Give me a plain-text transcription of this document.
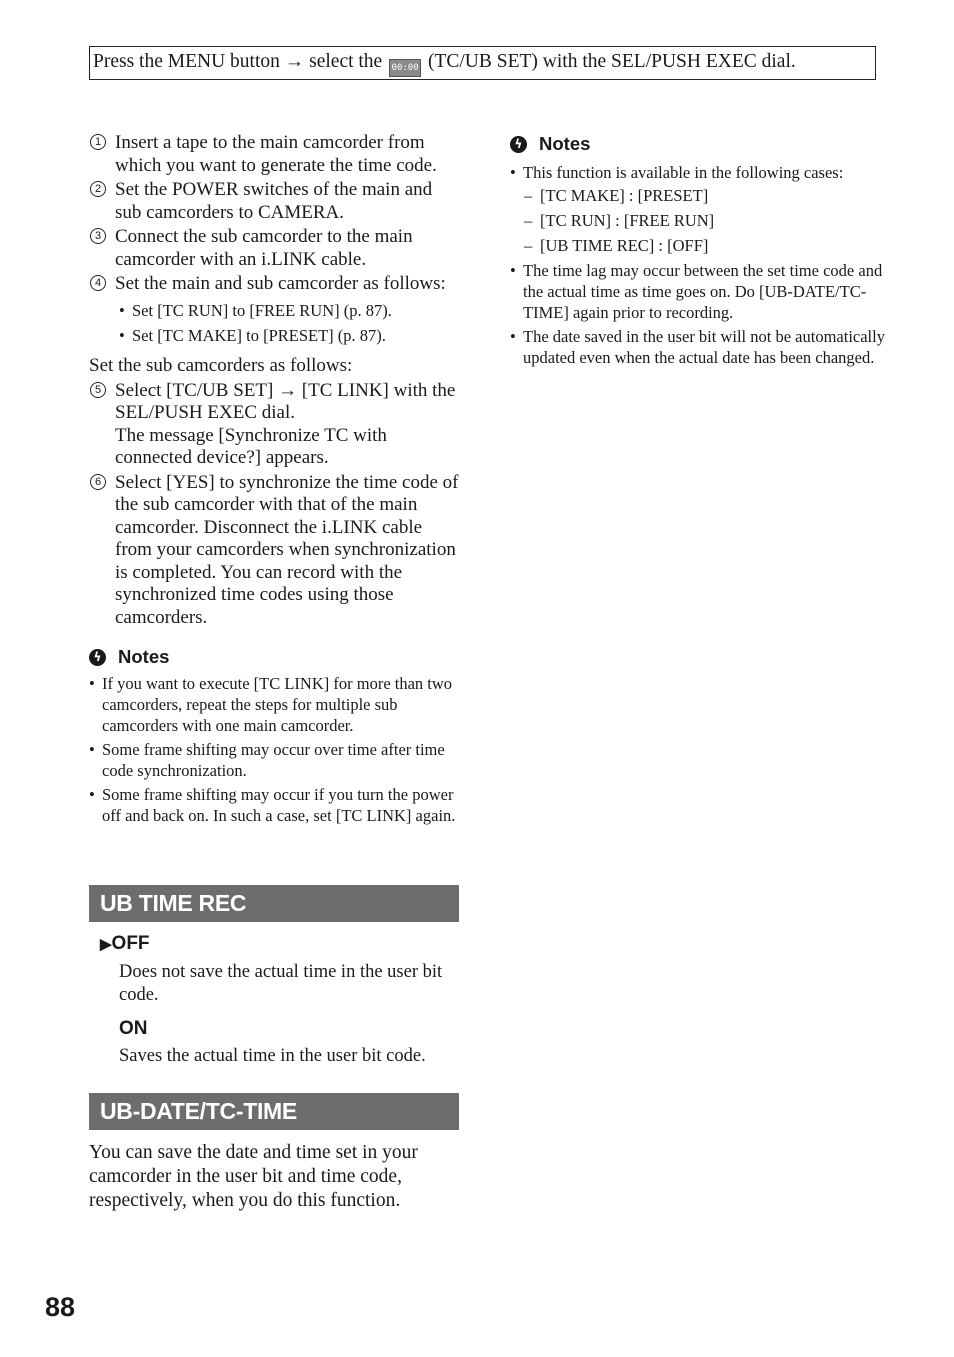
Press the MENU button → select the 00:00 (TC/UB SET) with the SEL/PUSH EXEC dial.
1 Insert a tape to the main camcorder from which you want to generate the time code.
2 Set the POWER switches of the main and sub camcorders to CAMERA.
3 Connect the sub camcorder to the main camcorder with an i.LINK cable.
4 Set the main and sub camcorder as follows:
• Set [TC RUN] to [FREE RUN] (p. 87).
• Set [TC MAKE] to [PRESET] (p. 87).
Set the sub camcorders as follows:
5 Select [TC/UB SET] → [TC LINK] with the SEL/PUSH EXEC dial.
The message [Synchronize TC with connected device?] appears.
6 Select [YES] to synchronize the time code of the sub camcorder with that of the main camcorder. Disconnect the i.LINK cable from your camcorders when synchronization is completed. You can record with the synchronized time codes using those camcorders.
ϟ Notes
• If you want to execute [TC LINK] for more than two camcorders, repeat the steps for multiple sub camcorders with one main camcorder.
• Some frame shifting may occur over time after time code synchronization.
• Some frame shifting may occur if you turn the power off and back on. In such a case, set [TC LINK] again.
UB TIME REC
▶OFF
Does not save the actual time in the user bit code.
ON
Saves the actual time in the user bit code.
UB-DATE/TC-TIME
You can save the date and time set in your camcorder in the user bit and time code, respectively, when you do this function.
ϟ Notes
• This function is available in the following cases:
– [TC MAKE] : [PRESET]
– [TC RUN] : [FREE RUN]
– [UB TIME REC] : [OFF]
• The time lag may occur between the set time code and the actual time as time goes on. Do [UB-DATE/TC-TIME] again prior to recording.
• The date saved in the user bit will not be automatically updated even when the actual date has been changed.
88
